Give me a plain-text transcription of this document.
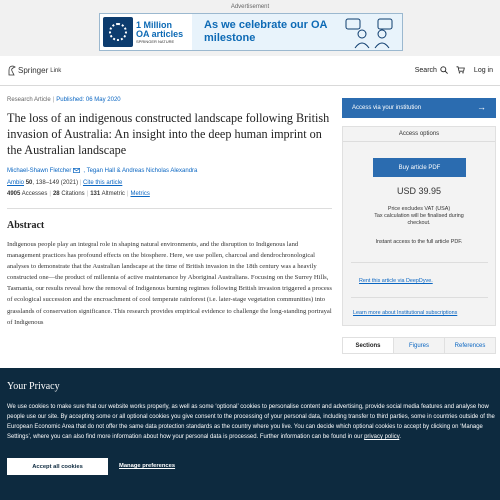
Advertisement
1 Million
OA articles
SPRINGER NATURE
As we celebrate our OA milestone
Springer Link	Search	Log in
Research Article | Published: 06 May 2020
The loss of an indigenous constructed landscape following British invasion of Australia: An insight into the deep human imprint on the Australian landscape
Michael-Shawn Fletcher , Tegan Hall & Andreas Nicholas Alexandra
Ambio 50, 138–149 (2021) | Cite this article
4905 Accesses | 28 Citations | 131 Altmetric | Metrics
Abstract

Indigenous people play an integral role in shaping natural environments, and the disruption to Indigenous land management practices has profound effects on the biosphere. Here, we use pollen, charcoal and dendrochronological analyses to demonstrate that the Australian landscape at the time of British invasion in the 18th century was a heavily constructed one—the product of millennia of active maintenance by Aboriginal Australians. Focusing on the Surrey Hills, Tasmania, our results reveal how the removal of Indigenous burning regimes following British invasion triggered a process of ecological succession and the encroachment of cool temperate rainforest (i.e. later-stage vegetation communities) into grasslands of conservation significance. This research provides empirical evidence to challenge the long-standing portrayal of Indigenous

Access via your institution	→
Access options
Buy article PDF
USD 39.95
Price excludes VAT (USA)
Tax calculation will be finalised during checkout.
Instant access to the full article PDF.
Rent this article via DeepDyve.
Learn more about Institutional subscriptions
Sections	Figures	References
Your Privacy

We use cookies to make sure that our website works properly, as well as some ‘optional’ cookies to personalise content and advertising, provide social media features and analyse how people use our site. By accepting some or all optional cookies you give consent to the processing of your personal data, including transfer to third parties, some in countries outside of the European Economic Area that do not offer the same data protection standards as the country where you live. You can decide which optional cookies to accept by clicking on ‘Manage Settings’, where you can also find more information about how your personal data is processed. Further information can be found in our privacy policy.

Accept all cookies	Manage preferences
